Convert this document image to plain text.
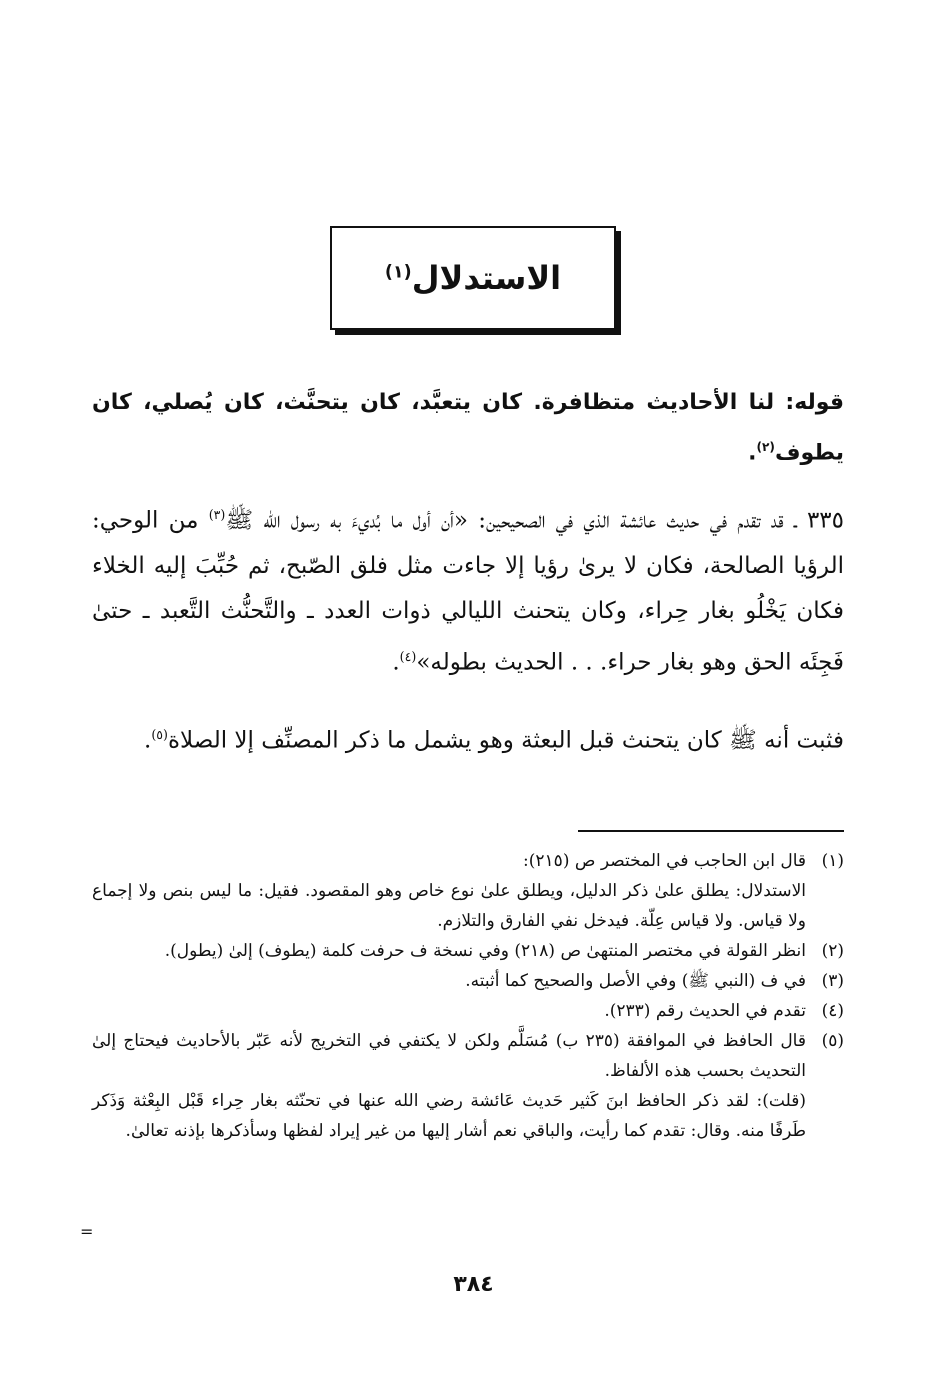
الاستدلال$^{(١)}$
قوله: لنا الأحاديث متظافرة. كان يتعبَّد، كان يتحنَّث، كان يُصلي، كان يطوف$^{(٢)}$.
٣٣٥ ـ قد تقدم في حديث عائشة الذي في الصحيحين: «أن أول ما بُديءَ به رسول الله ﷺ$^{(٣)}$ من الوحي: الرؤيا الصالحة، فكان لا يرىٰ رؤيا إلا جاءت مثل فلق الصّبح، ثم حُبِّبَ إليه الخلاء فكان يَخْلُو بغار حِراء، وكان يتحنث الليالي ذوات العدد ـ والتَّحنُّث التَّعبد ـ حتىٰ فَجِئَه الحق وهو بغار حراء. . . الحديث بطوله»$^{(٤)}$.
فثبت أنه ﷺ كان يتحنث قبل البعثة وهو يشمل ما ذكر المصنِّف إلا الصلاة$^{(٥)}$.
(١)
قال ابن الحاجب في المختصر ص (٢١٥):
الاستدلال: يطلق علىٰ ذكر الدليل، ويطلق علىٰ نوع خاص وهو المقصود. فقيل: ما ليس بنص ولا إجماع ولا قياس. ولا قياس عِلّة. فيدخل نفي الفارق والتلازم.
(٢)
انظر القولة في مختصر المنتهىٰ ص (٢١٨) وفي نسخة ف حرفت كلمة (يطوف) إلىٰ (يطول).
(٣)
في ف (النبي ﷺ) وفي الأصل والصحيح كما أثبته.
(٤)
تقدم في الحديث رقم (٢٣٣).
(٥)
قال الحافظ في الموافقة (٢٣٥ ب) مُسَلَّم ولكن لا يكتفي في التخريج لأنه عَبّر بالأحاديث فيحتاج إلىٰ التحديث بحسب هذه الألفاظ.
(قلت): لقد ذكر الحافظ ابنَ كَثير حَديث عَائشة رضي الله عنها في تحنّثه بغار حِراء قَبْل البِعْثة وَذَكر طَرفًا منه. وقال: تقدم كما رأيت، والباقي نعم أشار إليها من غير إيراد لفظها وسأذكرها بإذنه تعالىٰ.
=
٣٨٤
